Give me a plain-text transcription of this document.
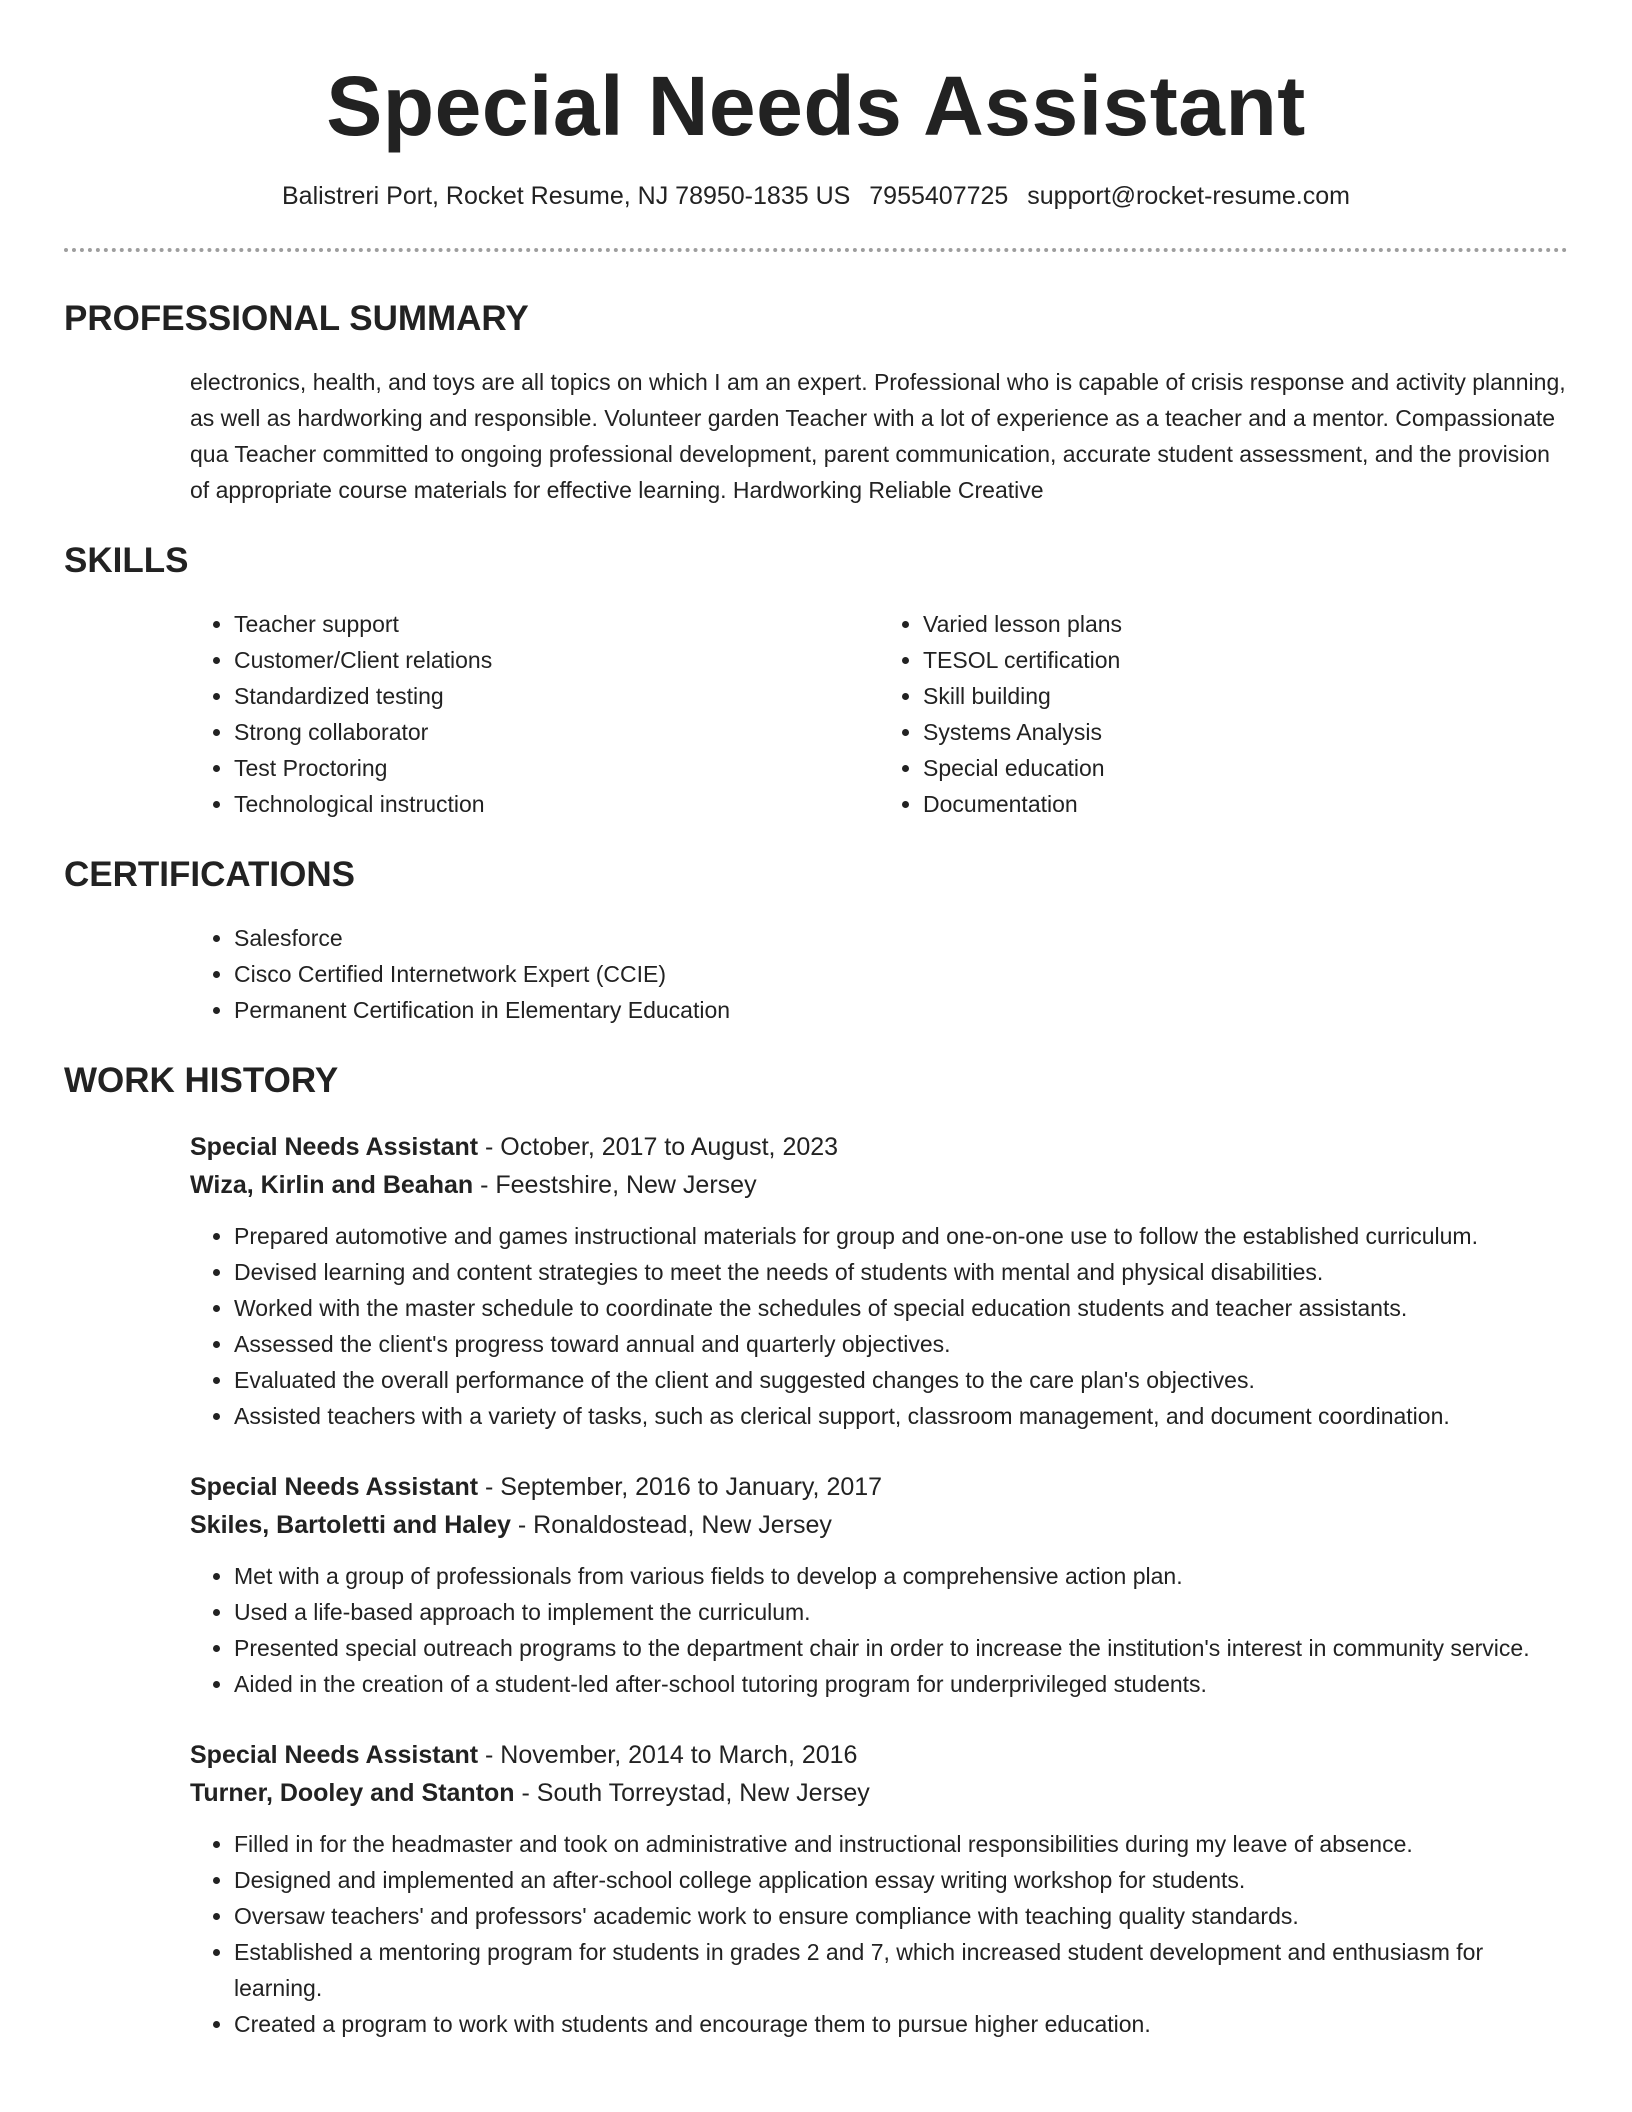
Special Needs Assistant
Balistreri Port, Rocket Resume, NJ 78950-1835 US 7955407725 support@rocket-resume.com
PROFESSIONAL SUMMARY

electronics, health, and toys are all topics on which I am an expert. Professional who is capable of crisis response and activity planning, as well as hardworking and responsible. Volunteer garden Teacher with a lot of experience as a teacher and a mentor. Compassionate qua Teacher committed to ongoing professional development, parent communication, accurate student assessment, and the provision of appropriate course materials for effective learning. Hardworking Reliable Creative

SKILLS
• Teacher support
• Customer/Client relations
• Standardized testing
• Strong collaborator
• Test Proctoring
• Technological instruction
• Varied lesson plans
• TESOL certification
• Skill building
• Systems Analysis
• Special education
• Documentation
CERTIFICATIONS
• Salesforce
• Cisco Certified Internetwork Expert (CCIE)
• Permanent Certification in Elementary Education
WORK HISTORY
Special Needs Assistant - October, 2017 to August, 2023
Wiza, Kirlin and Beahan - Feestshire, New Jersey
• Prepared automotive and games instructional materials for group and one-on-one use to follow the established curriculum.
• Devised learning and content strategies to meet the needs of students with mental and physical disabilities.
• Worked with the master schedule to coordinate the schedules of special education students and teacher assistants.
• Assessed the client's progress toward annual and quarterly objectives.
• Evaluated the overall performance of the client and suggested changes to the care plan's objectives.
• Assisted teachers with a variety of tasks, such as clerical support, classroom management, and document coordination.
Special Needs Assistant - September, 2016 to January, 2017
Skiles, Bartoletti and Haley - Ronaldostead, New Jersey
• Met with a group of professionals from various fields to develop a comprehensive action plan.
• Used a life-based approach to implement the curriculum.
• Presented special outreach programs to the department chair in order to increase the institution's interest in community service.
• Aided in the creation of a student-led after-school tutoring program for underprivileged students.
Special Needs Assistant - November, 2014 to March, 2016
Turner, Dooley and Stanton - South Torreystad, New Jersey
• Filled in for the headmaster and took on administrative and instructional responsibilities during my leave of absence.
• Designed and implemented an after-school college application essay writing workshop for students.
• Oversaw teachers' and professors' academic work to ensure compliance with teaching quality standards.
• Established a mentoring program for students in grades 2 and 7, which increased student development and enthusiasm for learning.
• Created a program to work with students and encourage them to pursue higher education.
